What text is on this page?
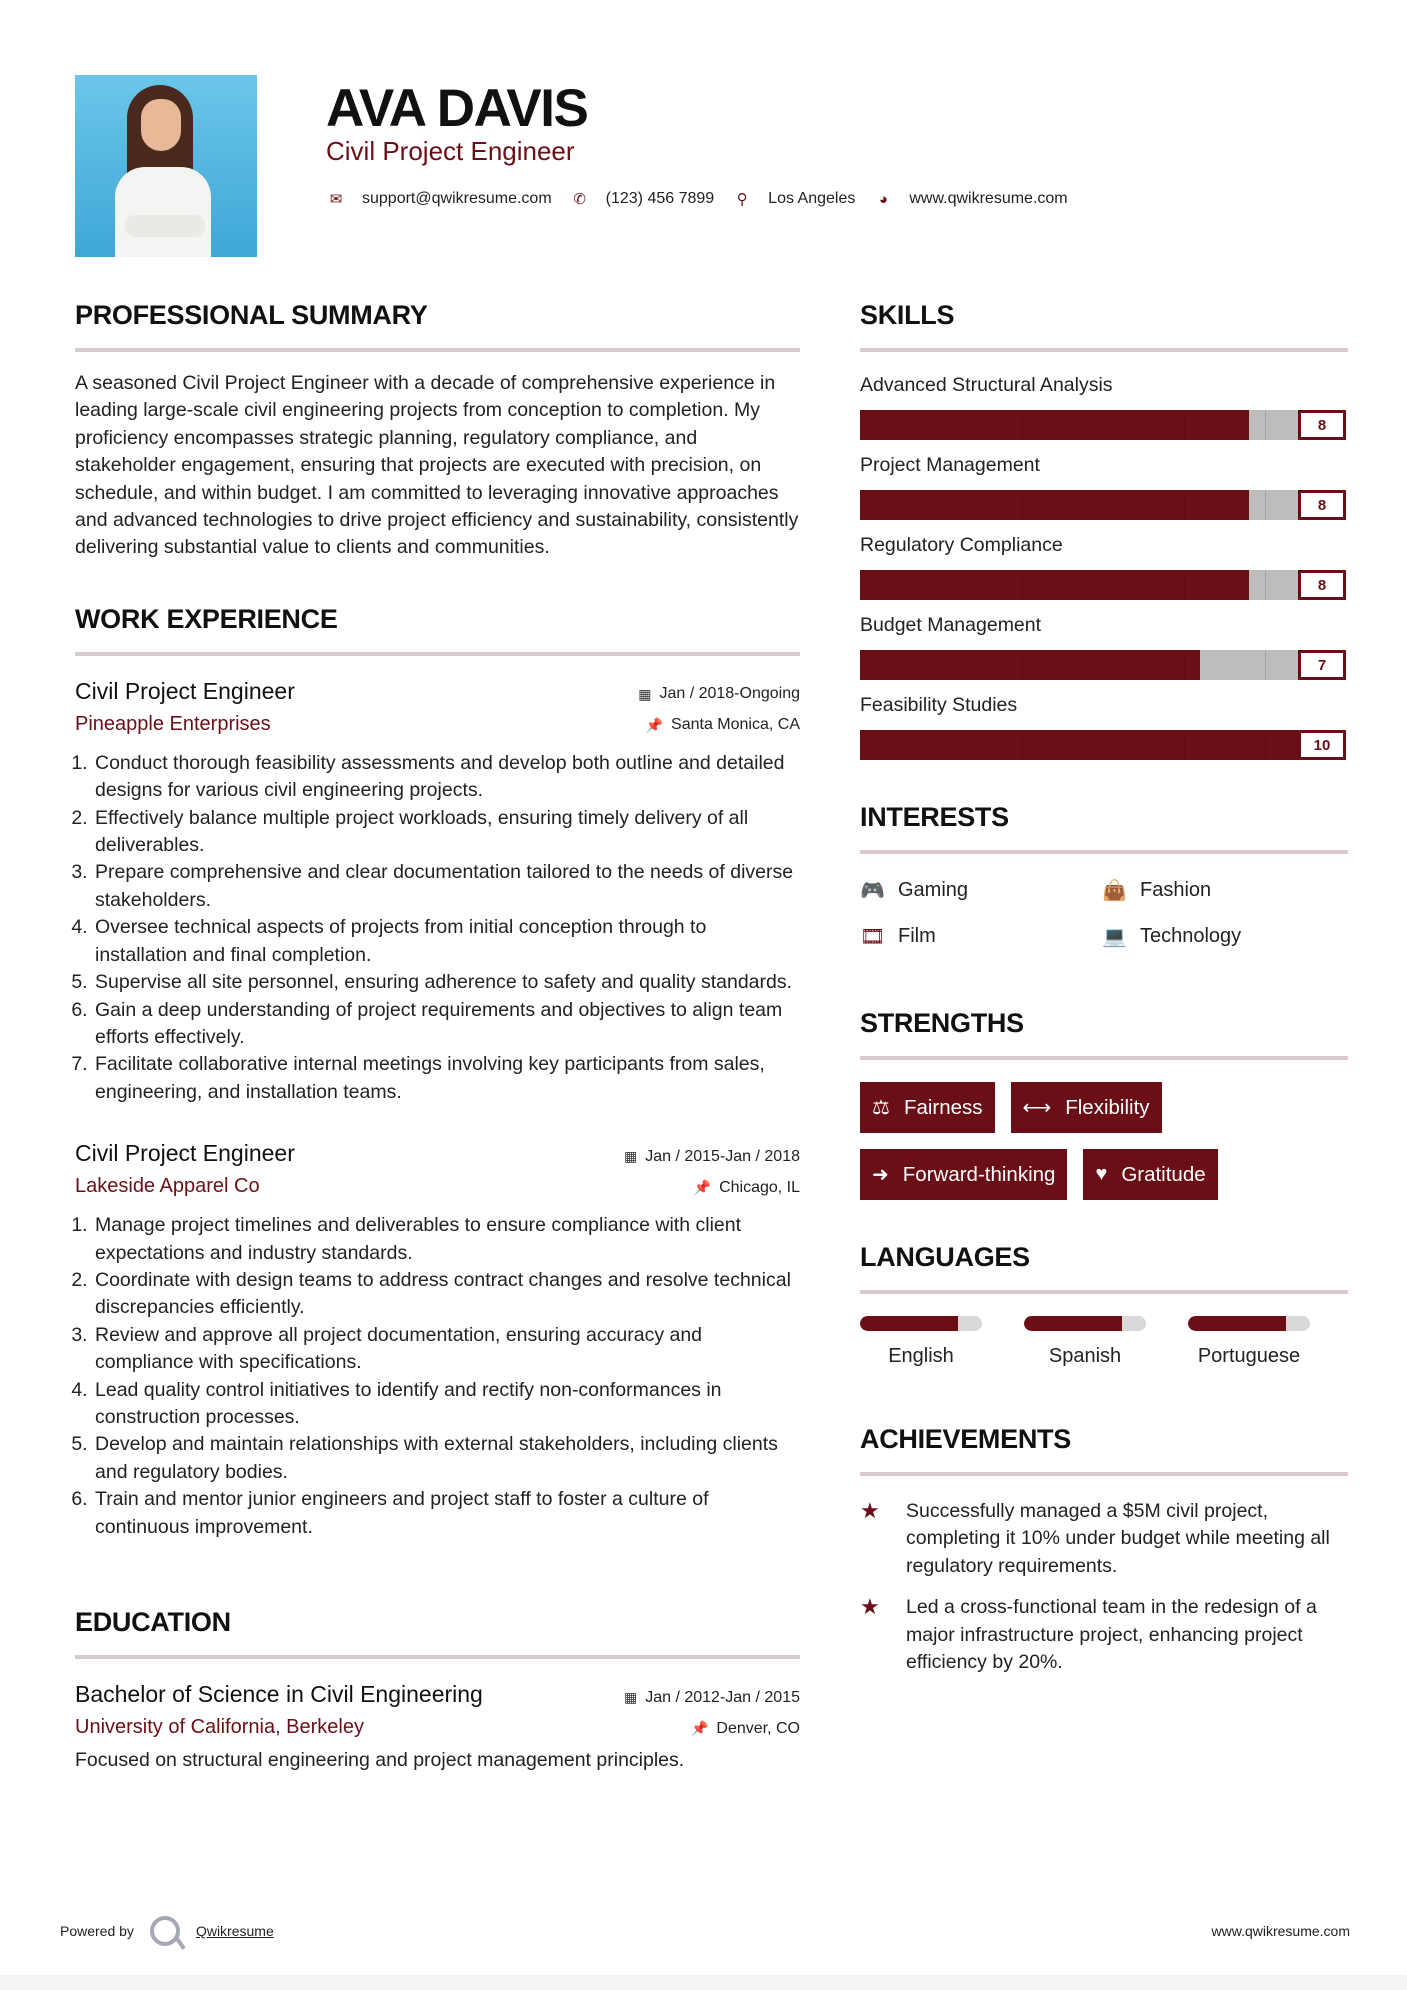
AVA DAVIS
Civil Project Engineer
✉ support@qwikresume.com ✆ (123) 456 7899	⚲ Los Angeles	◕	www.qwikresume.com
PROFESSIONAL SUMMARY

A seasoned Civil Project Engineer with a decade of comprehensive experience in leading large-scale civil engineering projects from conception to completion. My proficiency encompasses strategic planning, regulatory compliance, and stakeholder engagement, ensuring that projects are executed with precision, on schedule, and within budget. I am committed to leveraging innovative approaches and advanced technologies to drive project efficiency and sustainability, consistently delivering substantial value to clients and communities.

WORK EXPERIENCE
Civil Project Engineer	▦ Jan / 2018-Ongoing
Pineapple Enterprises	📌 Santa Monica, CA
1. Conduct thorough feasibility assessments and develop both outline and detailed designs for various civil engineering projects.
2. Effectively balance multiple project workloads, ensuring timely delivery of all deliverables.
3. Prepare comprehensive and clear documentation tailored to the needs of diverse stakeholders.
4. Oversee technical aspects of projects from initial conception through to installation and final completion.
5. Supervise all site personnel, ensuring adherence to safety and quality standards.
6. Gain a deep understanding of project requirements and objectives to align team efforts effectively.
7. Facilitate collaborative internal meetings involving key participants from sales, engineering, and installation teams.
Civil Project Engineer	▦ Jan / 2015-Jan / 2018
Lakeside Apparel Co	📌 Chicago, IL
1. Manage project timelines and deliverables to ensure compliance with client expectations and industry standards.
2. Coordinate with design teams to address contract changes and resolve technical discrepancies efficiently.
3. Review and approve all project documentation, ensuring accuracy and compliance with specifications.
4. Lead quality control initiatives to identify and rectify non-conformances in construction processes.
5. Develop and maintain relationships with external stakeholders, including clients and regulatory bodies.
6. Train and mentor junior engineers and project staff to foster a culture of continuous improvement.
EDUCATION
Bachelor of Science in Civil Engineering	▦ Jan / 2012-Jan / 2015
University of California, Berkeley	📌 Denver, CO

Focused on structural engineering and project management principles.

SKILLS
Advanced Structural Analysis
8
Project Management
8
Regulatory Compliance
8
Budget Management
7
Feasibility Studies
10
INTERESTS
🎮 Gaming	👜 Fashion
🎞 Film	💻 Technology
STRENGTHS
⚖ Fairness ⟷ Flexibility
➜ Forward-thinking ♥ Gratitude
LANGUAGES
English	Spanish	Portuguese
ACHIEVEMENTS
★	Successfully managed a $5M civil project, completing it 10% under budget while meeting all regulatory requirements.
★	Led a cross-functional team in the redesign of a major infrastructure project, enhancing project efficiency by 20%.
Powered by	Qwikresume	www.qwikresume.com
